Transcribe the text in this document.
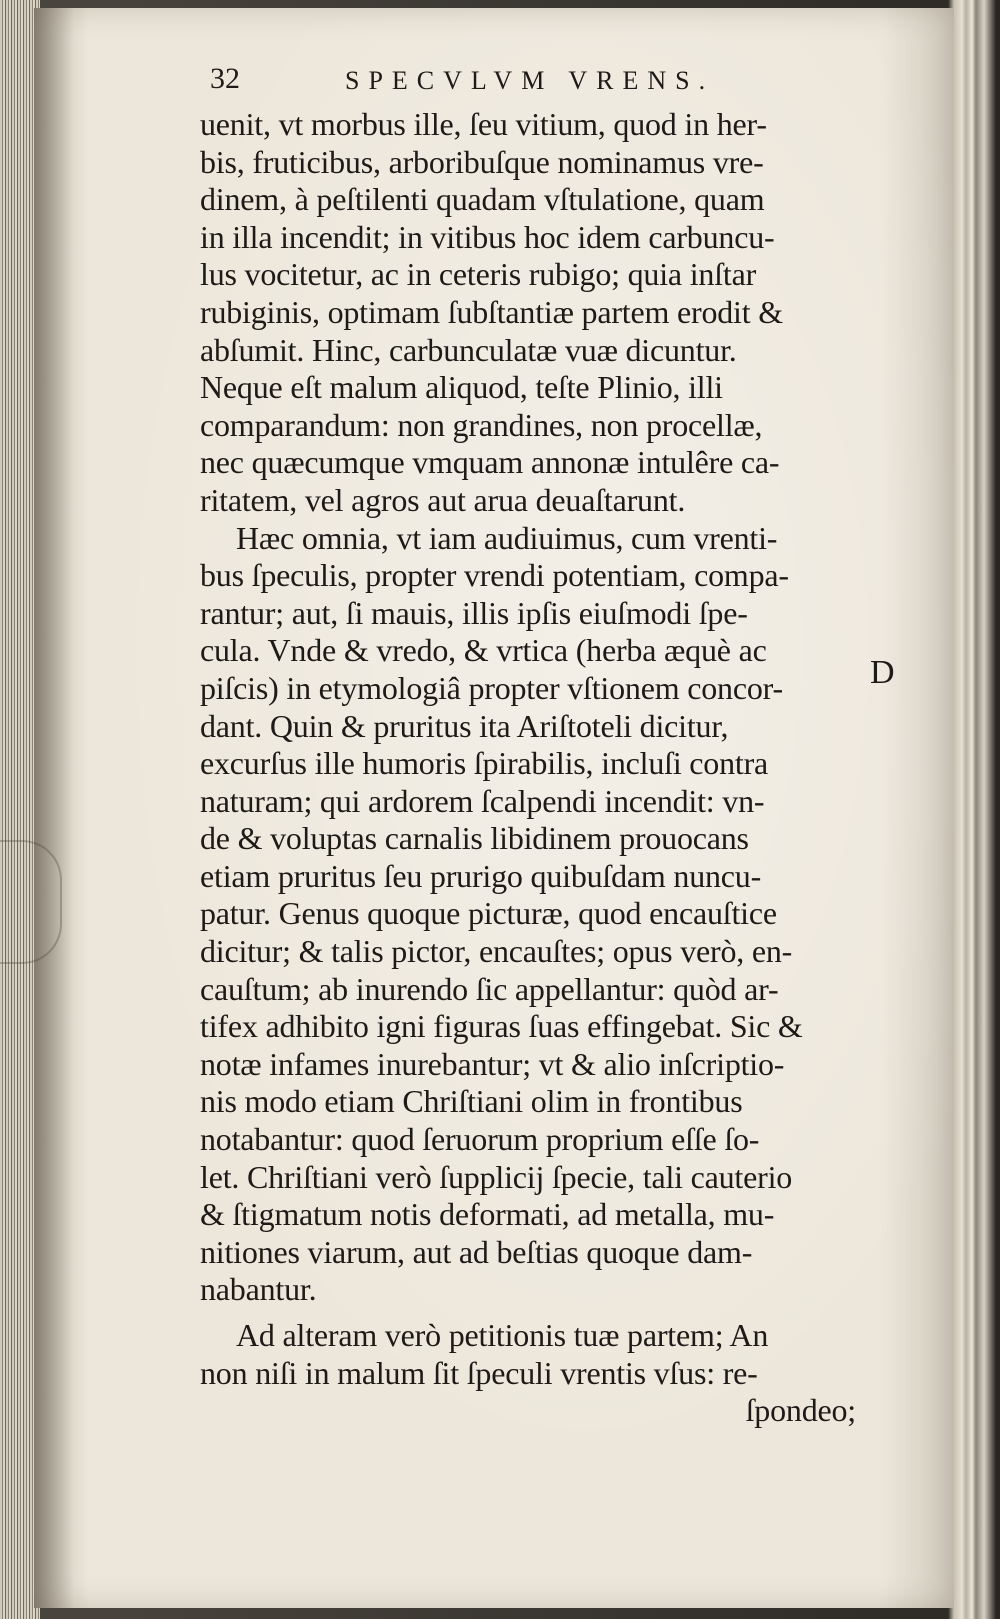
32	SPECVLVM VRENS.
uenit, vt morbus ille, ſeu vitium, quod in her-
bis, fruticibus, arboribuſque nominamus vre-
dinem, à peſtilenti quadam vſtulatione, quam
in illa incendit; in vitibus hoc idem carbuncu-
lus vocitetur, ac in ceteris rubigo; quia inſtar
rubiginis, optimam ſubſtantiæ partem erodit &
abſumit. Hinc, carbunculatæ vuæ dicuntur.
Neque eſt malum aliquod, teſte Plinio, illi
comparandum: non grandines, non procellæ,
nec quæcumque vmquam annonæ intulêre ca-
ritatem, vel agros aut arua deuaſtarunt.
Hæc omnia, vt iam audiuimus, cum vrenti-
bus ſpeculis, propter vrendi potentiam, compa-
rantur; aut, ſi mauis, illis ipſis eiuſmodi ſpe-
cula. Vnde & vredo, & vrtica (herba æquè ac
piſcis) in etymologiâ propter vſtionem concor-
dant. Quin & pruritus ita Ariſtoteli dicitur,
excurſus ille humoris ſpirabilis, incluſi contra
naturam; qui ardorem ſcalpendi incendit: vn-
de & voluptas carnalis libidinem prouocans
etiam pruritus ſeu prurigo quibuſdam nuncu-
patur. Genus quoque picturæ, quod encauſtice
dicitur; & talis pictor, encauſtes; opus verò, en-
cauſtum; ab inurendo ſic appellantur: quòd ar-
tifex adhibito igni figuras ſuas effingebat. Sic &
notæ infames inurebantur; vt & alio inſcriptio-
nis modo etiam Chriſtiani olim in frontibus
notabantur: quod ſeruorum proprium eſſe ſo-
let. Chriſtiani verò ſupplicij ſpecie, tali cauterio
& ſtigmatum notis deformati, ad metalla, mu-
nitiones viarum, aut ad beſtias quoque dam-
nabantur.
Ad alteram verò petitionis tuæ partem; An
non niſi in malum ſit ſpeculi vrentis vſus: re-
ſpondeo;
D
